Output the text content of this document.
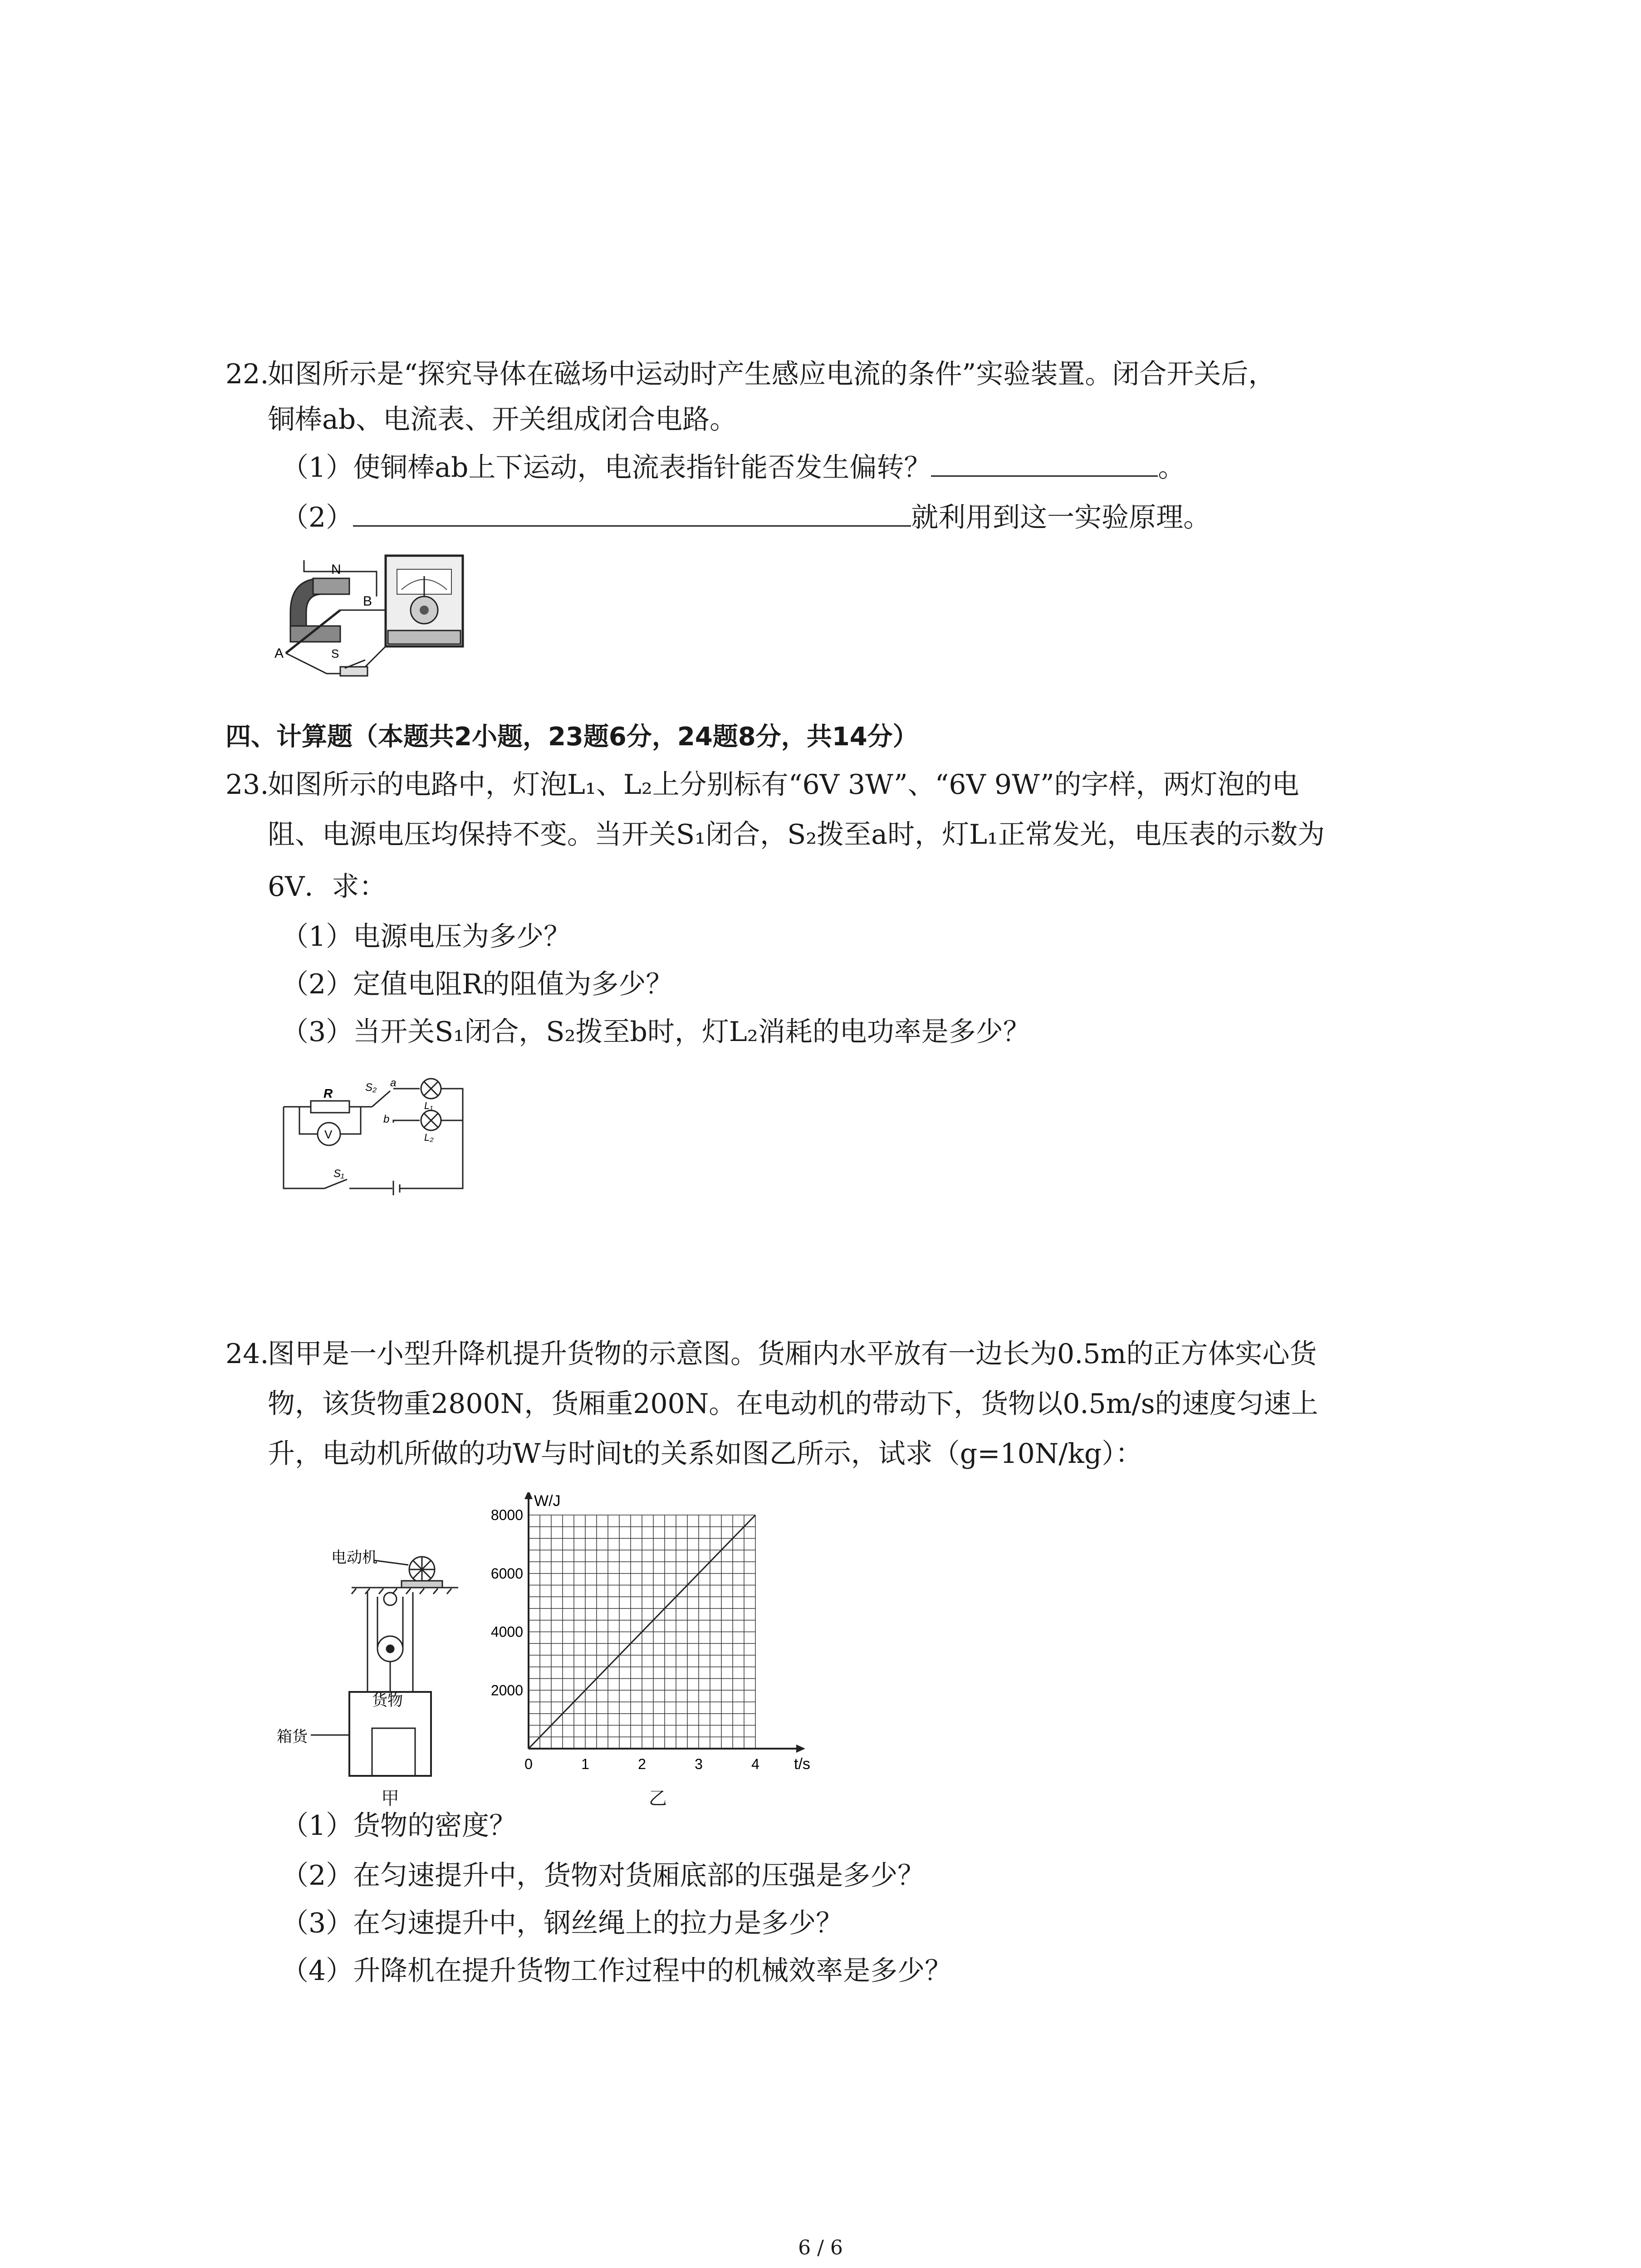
22.
如图所示是“探究导体在磁场中运动时产生感应电流的条件”实验装置。闭合开关后，
铜棒ab、电流表、开关组成闭合电路。
（1）使铜棒ab上下运动，电流表指针能否发生偏转？	。
（2）	就利用到这一实验原理。
N
B
A	S
四、计算题（本题共2小题，23题6分，24题8分，共14分）
23.
如图所示的电路中，灯泡L₁、L₂上分别标有“6V 3W”、“6V 9W”的字样，两灯泡的电
阻、电源电压均保持不变。当开关S₁闭合，S₂拨至a时，灯L₁正常发光，电压表的示数为
6V．求：
（1）电源电压为多少？
（2）定值电阻R的阻值为多少？
（3）当开关S₁闭合，S₂拨至b时，灯L₂消耗的电功率是多少？
R
V
S₂ a
b
L₁
L₂
S₁
24.
图甲是一小型升降机提升货物的示意图。货厢内水平放有一边长为0.5m的正方体实心货
物，该货物重2800N，货厢重200N。在电动机的带动下，货物以0.5m/s的速度匀速上
升，电动机所做的功W与时间t的关系如图乙所示，试求（g=10N/kg）：
电动机
货物
箱货
甲
0	1	2	3	4
2000
4000
6000
8000
t/s
W/J
乙
（1）货物的密度？
（2）在匀速提升中，货物对货厢底部的压强是多少？
（3）在匀速提升中，钢丝绳上的拉力是多少？
（4）升降机在提升货物工作过程中的机械效率是多少？
6 / 6
